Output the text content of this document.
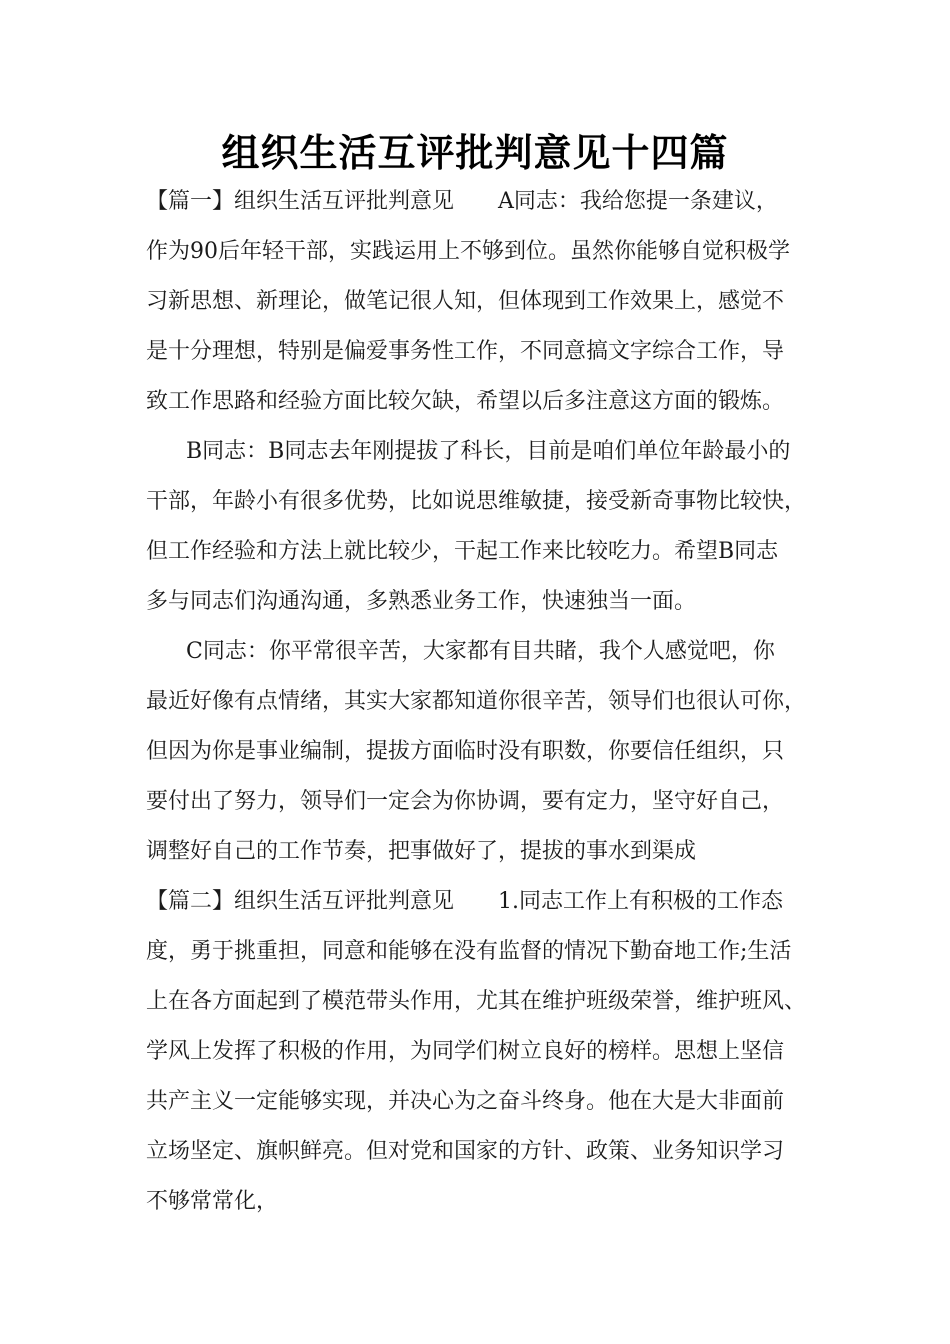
组织生活互评批判意见十四篇

【篇一】组织生活互评批判意见　　A同志：我给您提一条建议，

作为90后年轻干部，实践运用上不够到位。虽然你能够自觉积极学

习新思想、新理论，做笔记很人知，但体现到工作效果上，感觉不

是十分理想，特别是偏爱事务性工作，不同意搞文字综合工作，导

致工作思路和经验方面比较欠缺，希望以后多注意这方面的锻炼。

B同志：B同志去年刚提拔了科长，目前是咱们单位年龄最小的

干部，年龄小有很多优势，比如说思维敏捷，接受新奇事物比较快，

但工作经验和方法上就比较少，干起工作来比较吃力。希望B同志

多与同志们沟通沟通，多熟悉业务工作，快速独当一面。

C同志：你平常很辛苦，大家都有目共睹，我个人感觉吧，你

最近好像有点情绪，其实大家都知道你很辛苦，领导们也很认可你，

但因为你是事业编制，提拔方面临时没有职数，你要信任组织，只

要付出了努力，领导们一定会为你协调，要有定力，坚守好自己，

调整好自己的工作节奏，把事做好了，提拔的事水到渠成

【篇二】组织生活互评批判意见　　1.同志工作上有积极的工作态

度，勇于挑重担，同意和能够在没有监督的情况下勤奋地工作;生活

上在各方面起到了模范带头作用，尤其在维护班级荣誉，维护班风、

学风上发挥了积极的作用，为同学们树立良好的榜样。思想上坚信

共产主义一定能够实现，并决心为之奋斗终身。他在大是大非面前

立场坚定、旗帜鲜亮。但对党和国家的方针、政策、业务知识学习

不够常常化，
